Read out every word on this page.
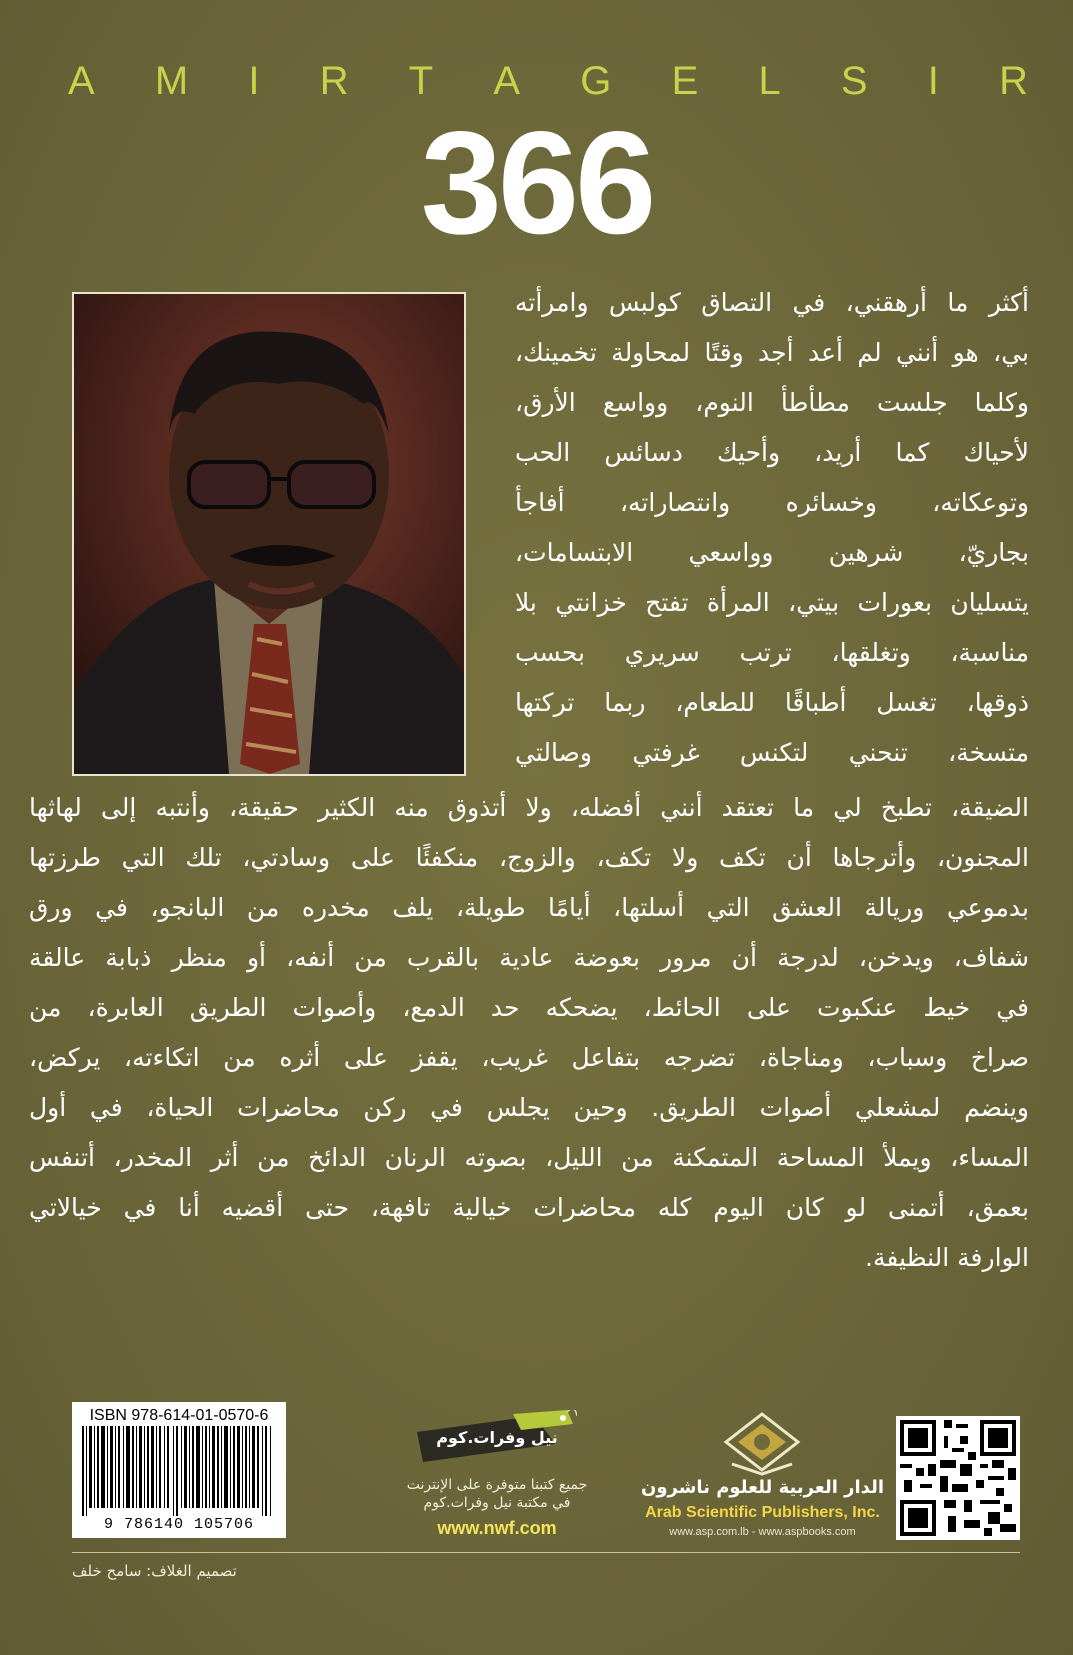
A M I R T A G E L S I R
366
أكثر ما أرهقني، في التصاق كولبس وامرأته
بي، هو أنني لم أعد أجد وقتًا لمحاولة تخمينك،
وكلما جلست مطأطأ النوم، وواسع الأرق،
لأحياك كما أريد، وأحيك دسائس الحب
وتوعكاته، وخسائره وانتصاراته، أفاجأ
بجاريّ، شرهين وواسعي الابتسامات،
يتسليان بعورات بيتي، المرأة تفتح خزانتي بلا
مناسبة، وتغلقها، ترتب سريري بحسب
ذوقها، تغسل أطباقًا للطعام، ربما تركتها
متسخة، تنحني لتكنس غرفتي وصالتي
الضيقة، تطبخ لي ما تعتقد أنني أفضله، ولا أتذوق منه الكثير حقيقة، وأنتبه إلى لهاثها
المجنون، وأترجاها أن تكف ولا تكف، والزوج، منكفئًا على وسادتي، تلك التي طرزتها
بدموعي وريالة العشق التي أسلتها، أيامًا طويلة، يلف مخدره من البانجو، في ورق
شفاف، ويدخن، لدرجة أن مرور بعوضة عادية بالقرب من أنفه، أو منظر ذبابة عالقة
في خيط عنكبوت على الحائط، يضحكه حد الدمع، وأصوات الطريق العابرة، من
صراخ وسباب، ومناجاة، تضرجه بتفاعل غريب، يقفز على أثره من اتكاءته، يركض،
وينضم لمشعلي أصوات الطريق. وحين يجلس في ركن محاضرات الحياة، في أول
المساء، ويملأ المساحة المتمكنة من الليل، بصوته الرنان الدائخ من أثر المخدر، أتنفس
بعمق، أتمنى لو كان اليوم كله محاضرات خيالية تافهة، حتى أقضيه أنا في خيالاتي
الوارفة النظيفة.
ISBN 978-614-01-0570-6
9 786140 105706
نيل وفرات.كوم
جميع كتبنا متوفرة على الإنترنت
في مكتبة نيل وفرات.كوم
www.nwf.com
الدار العربية للعلوم ناشرون
Arab Scientific Publishers, Inc.
www.asp.com.lb - www.aspbooks.com
تصميم الغلاف: سامح خلف
